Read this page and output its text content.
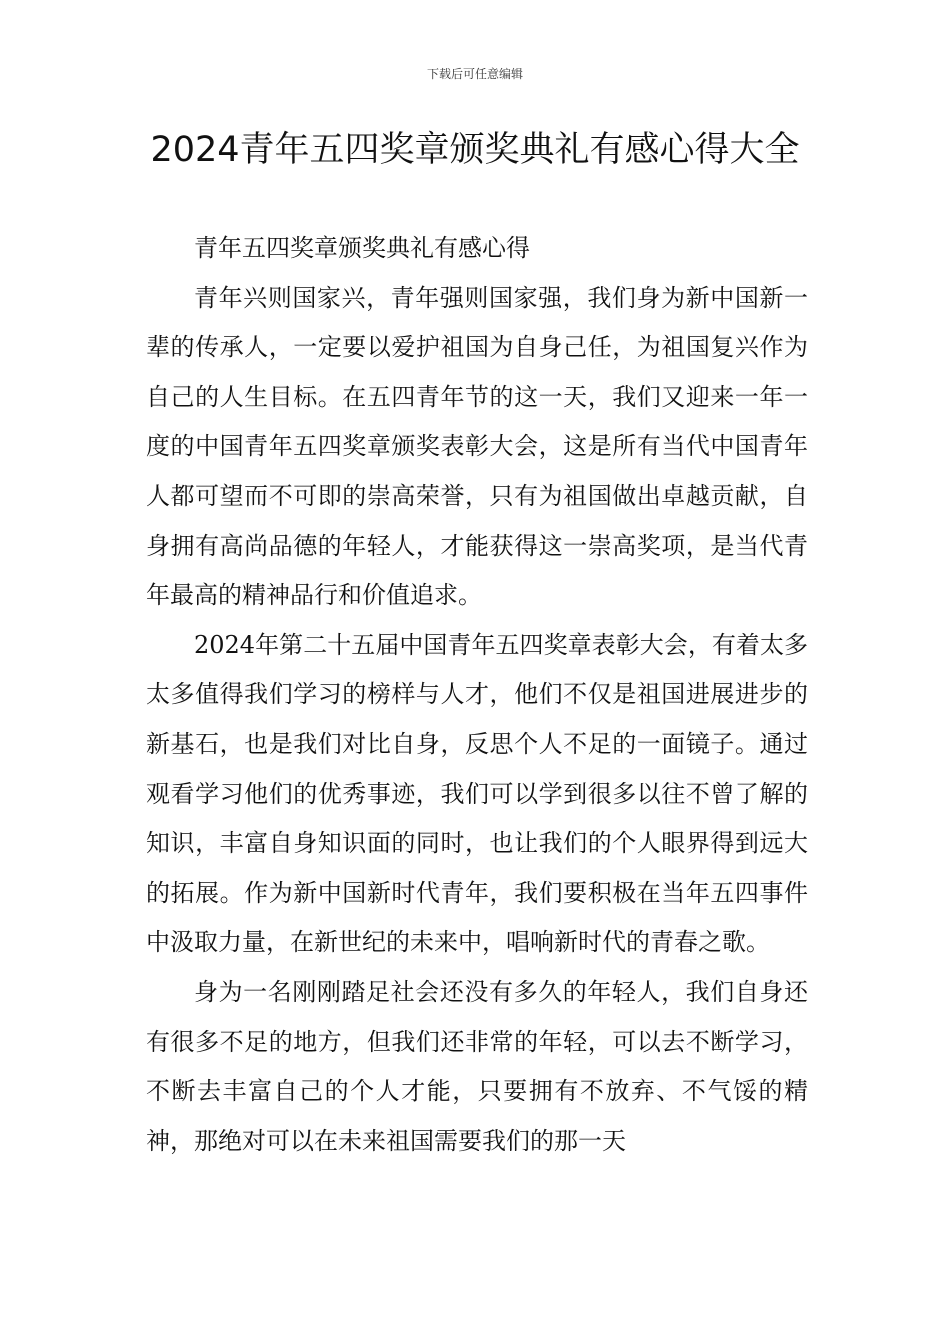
下载后可任意编辑
2024青年五四奖章颁奖典礼有感心得大全

青年五四奖章颁奖典礼有感心得

青年兴则国家兴，青年强则国家强，我们身为新中国新一辈的传承人，一定要以爱护祖国为自身己任，为祖国复兴作为自己的人生目标。在五四青年节的这一天，我们又迎来一年一度的中国青年五四奖章颁奖表彰大会，这是所有当代中国青年人都可望而不可即的崇高荣誉，只有为祖国做出卓越贡献，自身拥有高尚品德的年轻人，才能获得这一崇高奖项，是当代青年最高的精神品行和价值追求。

2024年第二十五届中国青年五四奖章表彰大会，有着太多太多值得我们学习的榜样与人才，他们不仅是祖国进展进步的新基石，也是我们对比自身，反思个人不足的一面镜子。通过观看学习他们的优秀事迹，我们可以学到很多以往不曾了解的知识，丰富自身知识面的同时，也让我们的个人眼界得到远大的拓展。作为新中国新时代青年，我们要积极在当年五四事件中汲取力量，在新世纪的未来中，唱响新时代的青春之歌。

身为一名刚刚踏足社会还没有多久的年轻人，我们自身还有很多不足的地方，但我们还非常的年轻，可以去不断学习，不断去丰富自己的个人才能，只要拥有不放弃、不气馁的精神，那绝对可以在未来祖国需要我们的那一天
